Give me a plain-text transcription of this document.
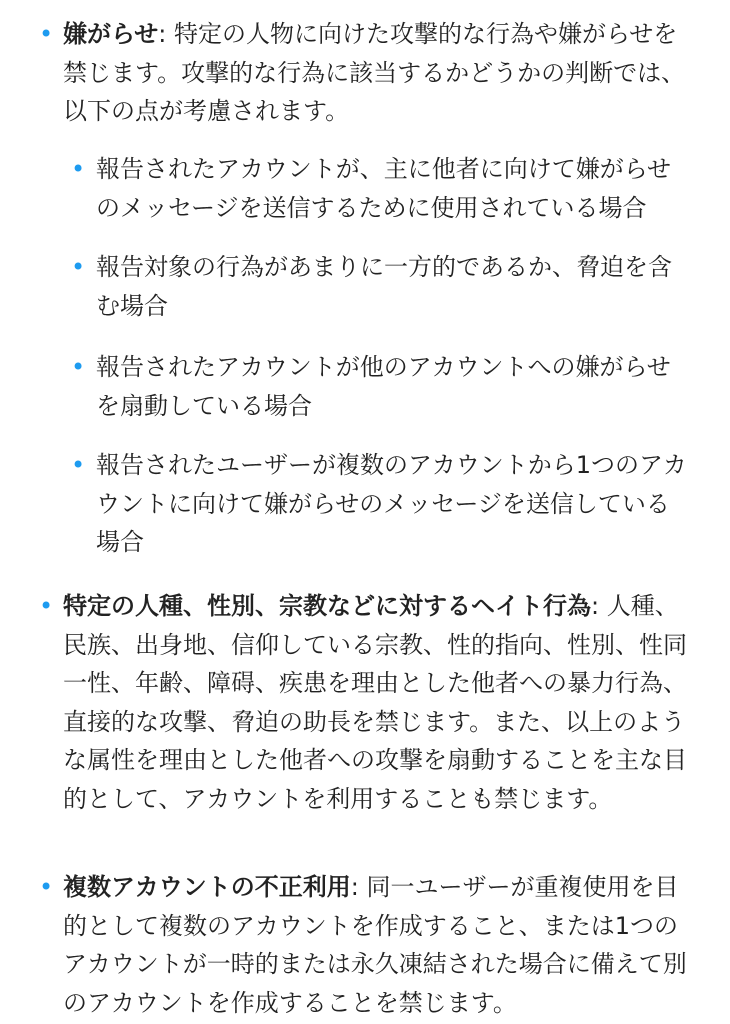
• 嫌がらせ: 特定の人物に向けた攻撃的な行為や嫌がらせを禁じます。攻撃的な行為に該当するかどうかの判断では、以下の点が考慮されます。
• 報告されたアカウントが、主に他者に向けて嫌がらせのメッセージを送信するために使用されている場合
• 報告対象の行為があまりに一方的であるか、脅迫を含む場合
• 報告されたアカウントが他のアカウントへの嫌がらせを扇動している場合
• 報告されたユーザーが複数のアカウントから1つのアカウントに向けて嫌がらせのメッセージを送信している場合
• 特定の人種、性別、宗教などに対するヘイト行為: 人種、民族、出身地、信仰している宗教、性的指向、性別、性同一性、年齢、障碍、疾患を理由とした他者への暴力行為、直接的な攻撃、脅迫の助長を禁じます。また、以上のような属性を理由とした他者への攻撃を扇動することを主な目的として、アカウントを利用することも禁じます。
• 複数アカウントの不正利用: 同一ユーザーが重複使用を目的として複数のアカウントを作成すること、または1つのアカウントが一時的または永久凍結された場合に備えて別のアカウントを作成することを禁じます。
